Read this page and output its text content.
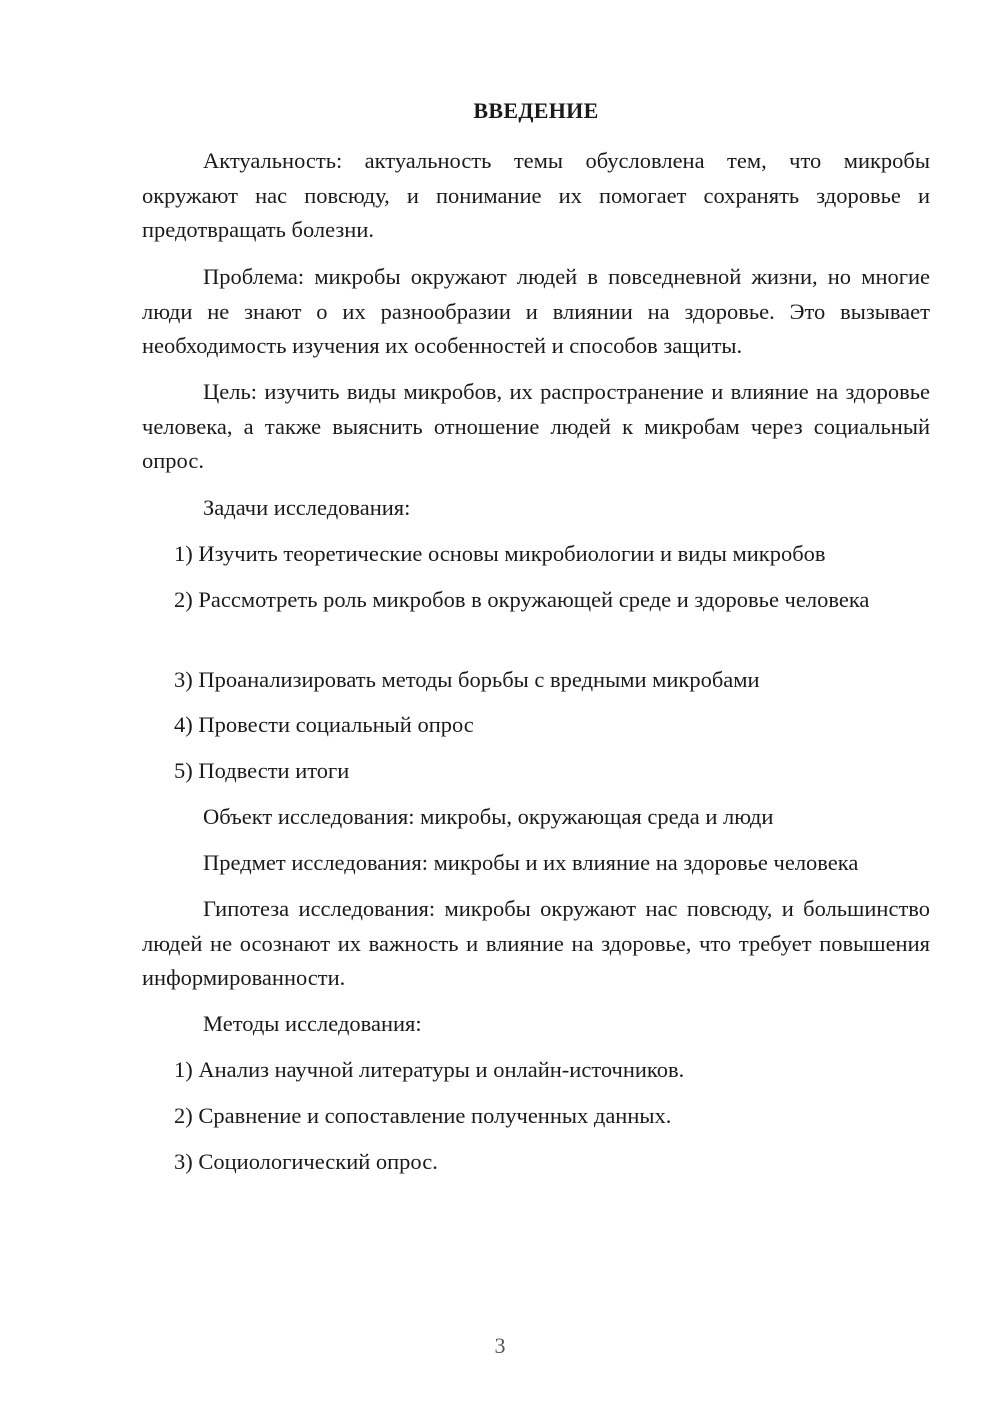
ВВЕДЕНИЕ

Актуальность: актуальность темы обусловлена тем, что микробы окружают нас повсюду, и понимание их помогает сохранять здоровье и предотвращать болезни.

Проблема: микробы окружают людей в повседневной жизни, но многие люди не знают о их разнообразии и влиянии на здоровье. Это вызывает необходимость изучения их особенностей и способов защиты.

Цель: изучить виды микробов, их распространение и влияние на здоровье человека, а также выяснить отношение людей к микробам через социальный опрос.

Задачи исследования:

1) Изучить теоретические основы микробиологии и виды микробов

2) Рассмотреть роль микробов в окружающей среде и здоровье человека

3) Проанализировать методы борьбы с вредными микробами

4) Провести социальный опрос

5) Подвести итоги

Объект исследования: микробы, окружающая среда и люди

Предмет исследования: микробы и их влияние на здоровье человека

Гипотеза исследования: микробы окружают нас повсюду, и большинство людей не осознают их важность и влияние на здоровье, что требует повышения информированности.

Методы исследования:

1) Анализ научной литературы и онлайн-источников.

2) Сравнение и сопоставление полученных данных.

3) Социологический опрос.

3
